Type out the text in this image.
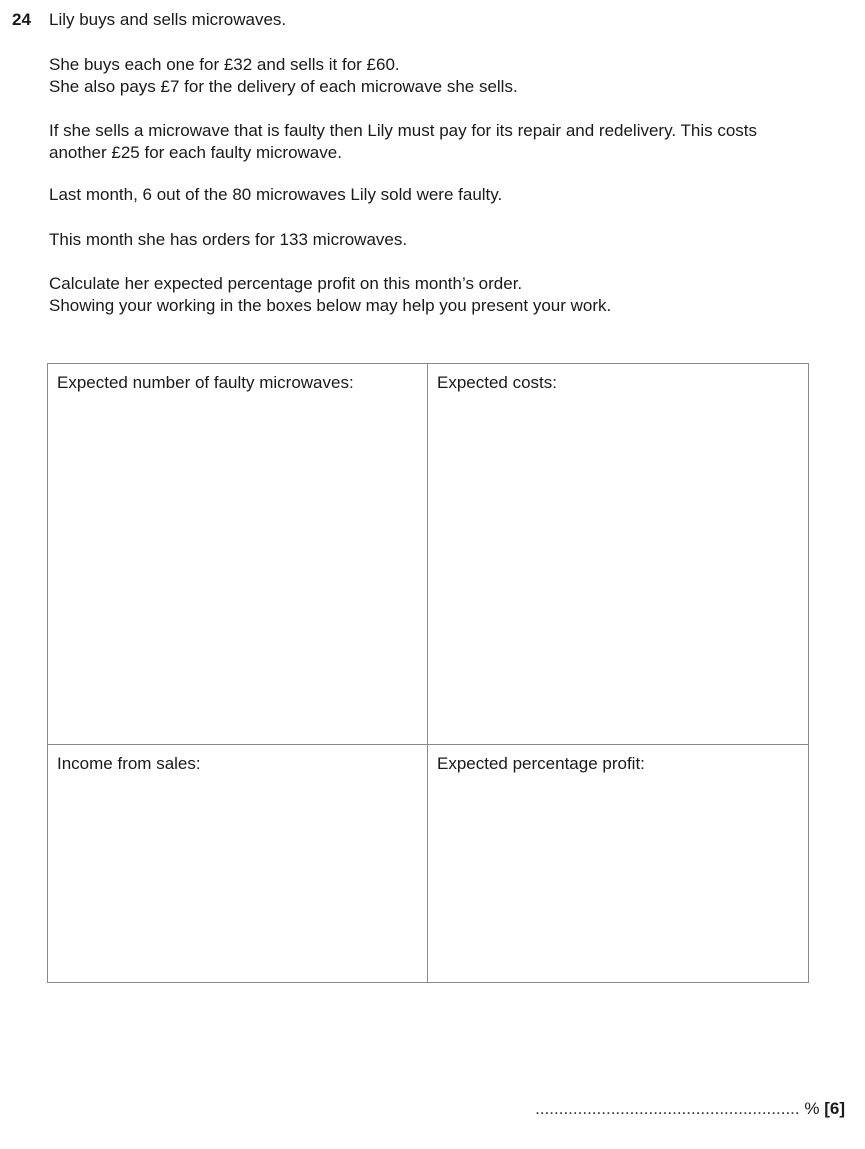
24 Lily buys and sells microwaves.
She buys each one for £32 and sells it for £60.
She also pays £7 for the delivery of each microwave she sells.
If she sells a microwave that is faulty then Lily must pay for its repair and redelivery. This costs
another £25 for each faulty microwave.
Last month, 6 out of the 80 microwaves Lily sold were faulty.
This month she has orders for 133 microwaves.
Calculate her expected percentage profit on this month’s order.
Showing your working in the boxes below may help you present your work.
Expected number of faulty microwaves:	Expected costs:
Income from sales:	Expected percentage profit:
........................................................ % [6]
